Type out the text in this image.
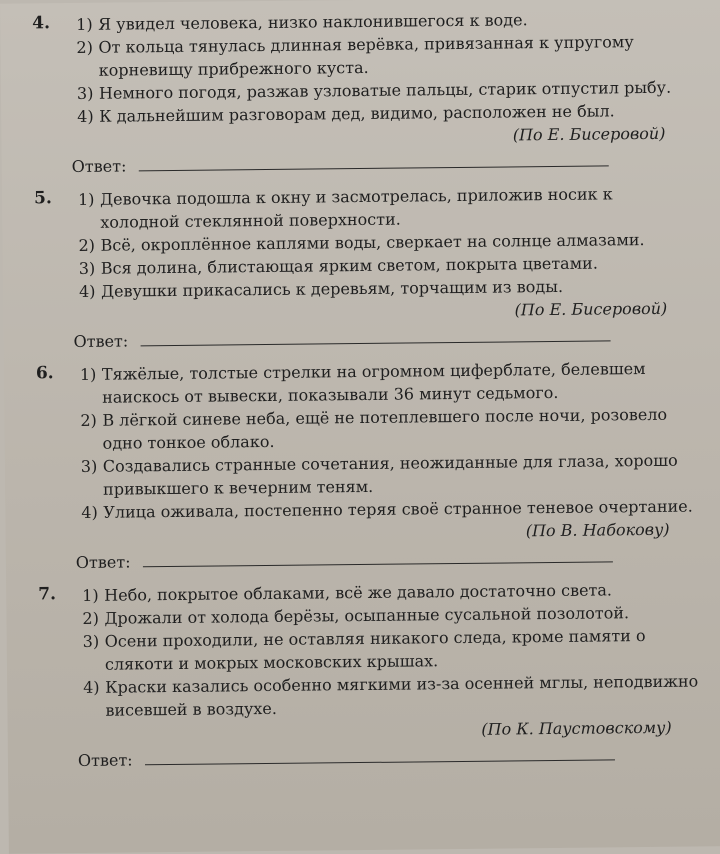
4.	1) Я увидел человека, низко наклонившегося к воде.

2) От кольца тянулась длинная верёвка, привязанная к упругому корневищу прибрежного куста.

3) Немного погодя, разжав узловатые пальцы, старик отпустил рыбу.

4) К дальнейшим разговорам дед, видимо, расположен не был.

(По Е. Бисеровой)
Ответ:
5.	1) Девочка подошла к окну и засмотрелась, приложив носик к холодной стеклянной поверхности.

2) Всё, окроплённое каплями воды, сверкает на солнце алмазами.

3) Вся долина, блистающая ярким светом, покрыта цветами.

4) Девушки прикасались к деревьям, торчащим из воды.

(По Е. Бисеровой)
Ответ:
6.	1) Тяжёлые, толстые стрелки на огромном циферблате, белевшем наискось от вывески, показывали 36 минут седьмого.

2) В лёгкой синеве неба, ещё не потеплевшего после ночи, розовело одно тонкое облако.

3) Создавались странные сочетания, неожиданные для глаза, хорошо привыкшего к вечерним теням.

4) Улица оживала, постепенно теряя своё странное теневое очертание.

(По В. Набокову)
Ответ:
7.	1) Небо, покрытое облаками, всё же давало достаточно света.

2) Дрожали от холода берёзы, осыпанные сусальной позолотой.

3) Осени проходили, не оставляя никакого следа, кроме памяти о слякоти и мокрых московских крышах.

4) Краски казались особенно мягкими из-за осенней мглы, неподвижно висевшей в воздухе.

(По К. Паустовскому)
Ответ:
